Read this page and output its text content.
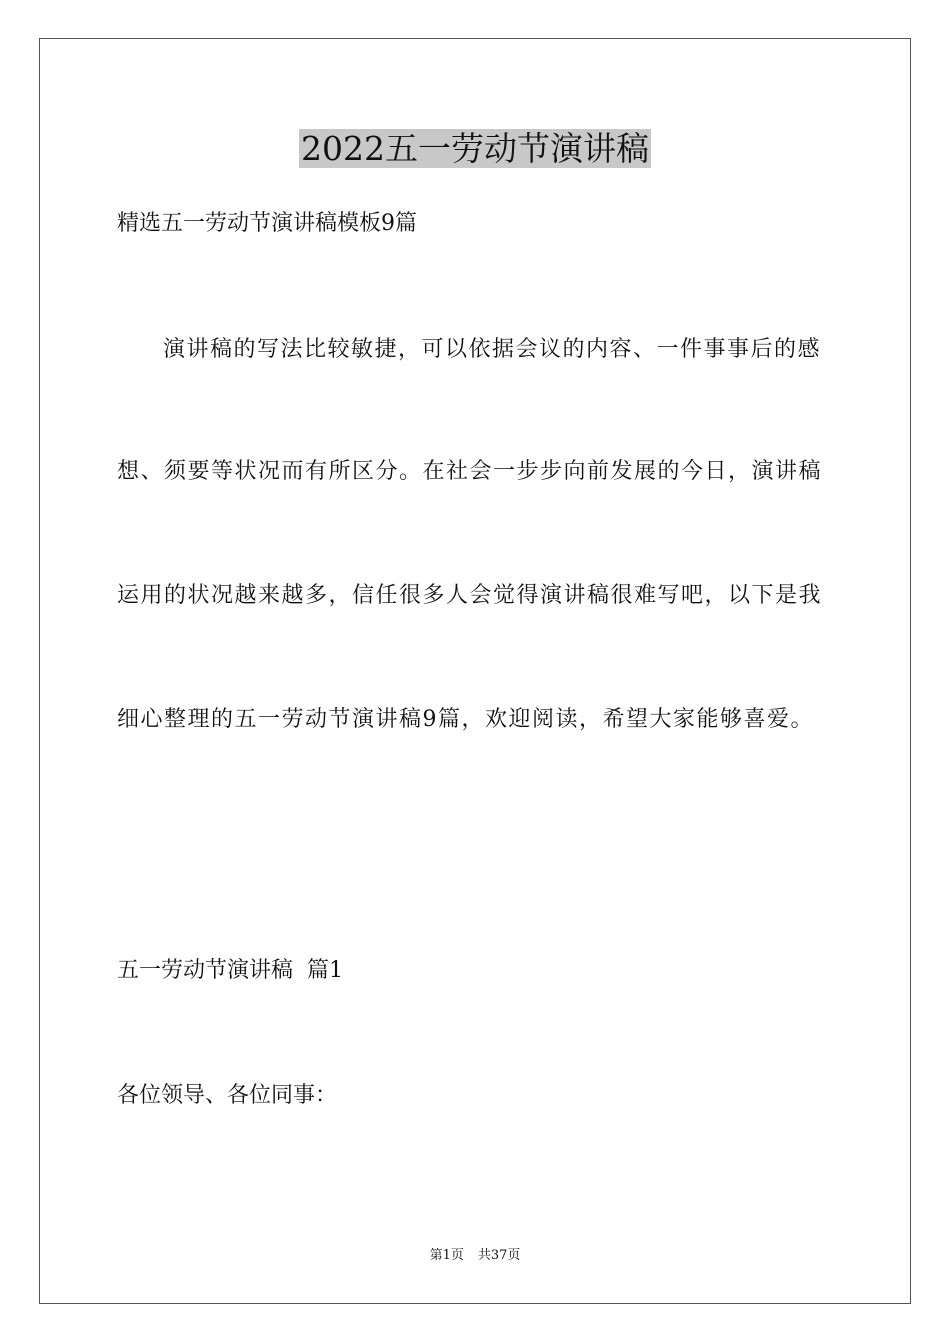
2022五一劳动节演讲稿
精选五一劳动节演讲稿模板9篇
演讲稿的写法比较敏捷，可以依据会议的内容、一件事事后的感
想、须要等状况而有所区分。在社会一步步向前发展的今日，演讲稿
运用的状况越来越多，信任很多人会觉得演讲稿很难写吧，以下是我
细心整理的五一劳动节演讲稿9篇，欢迎阅读，希望大家能够喜爱。
五一劳动节演讲稿  篇1
各位领导、各位同事：
第1页 共37页
